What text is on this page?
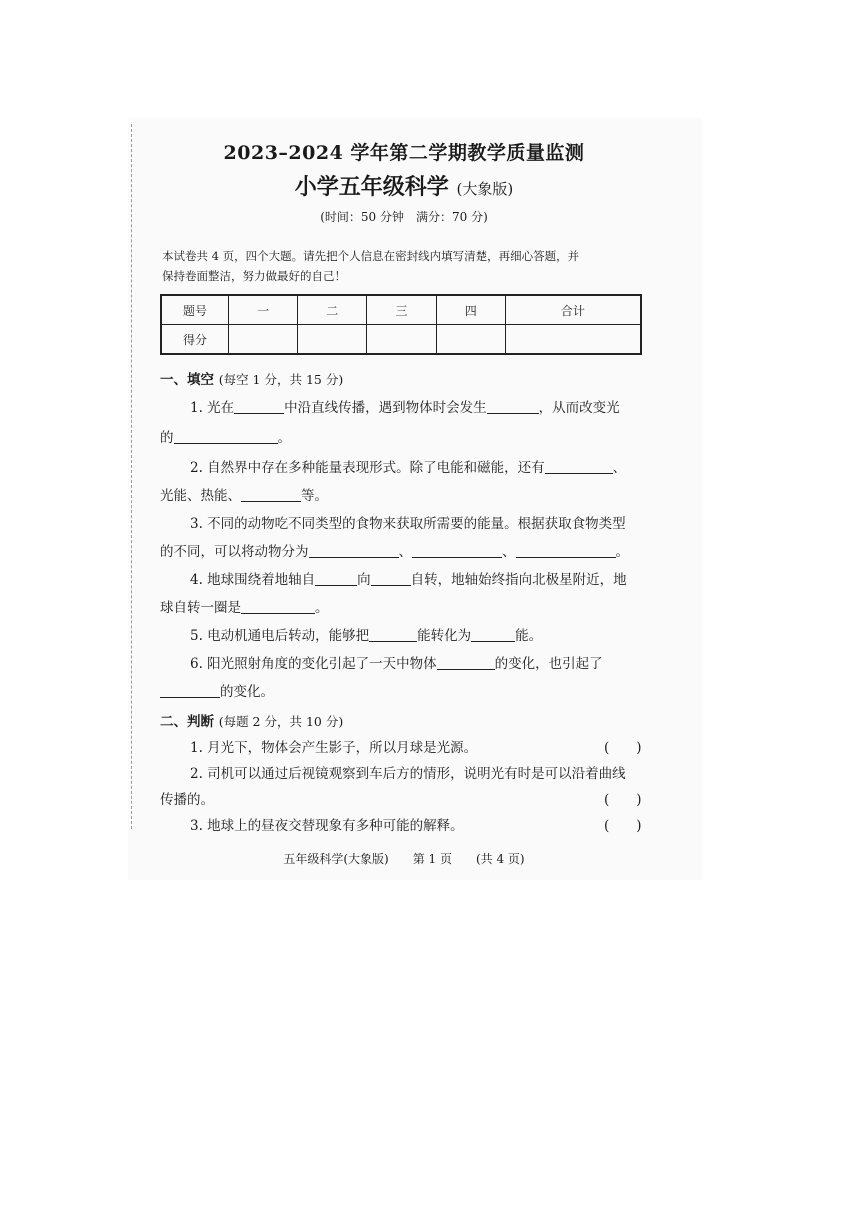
2023–2024 学年第二学期教学质量监测
小学五年级科学 (大象版)
(时间：50 分钟　满分：70 分)
本试卷共 4 页，四个大题。请先把个人信息在密封线内填写清楚，再细心答题，并
保持卷面整洁，努力做最好的自己！
题号	一	二	三	四	合计
得分					
一、填空 (每空 1 分，共 15 分)
1. 光在	中沿直线传播，遇到物体时会发生	，从而改变光
的	。
2. 自然界中存在多种能量表现形式。除了电能和磁能，还有	、
光能、热能、	等。
3. 不同的动物吃不同类型的食物来获取所需要的能量。根据获取食物类型
的不同，可以将动物分为	、	、	。
4. 地球围绕着地轴自	向	自转，地轴始终指向北极星附近，地
球自转一圈是	。
5. 电动机通电后转动，能够把	能转化为	能。
6. 阳光照射角度的变化引起了一天中物体	的变化，也引起了
的变化。
二、判断 (每题 2 分，共 10 分)
1. 月光下，物体会产生影子，所以月球是光源。	(　　)
2. 司机可以通过后视镜观察到车后方的情形，说明光有时是可以沿着曲线
传播的。	(　　)
3. 地球上的昼夜交替现象有多种可能的解释。	(　　)
五年级科学(大象版)　　第 1 页　　(共 4 页)
